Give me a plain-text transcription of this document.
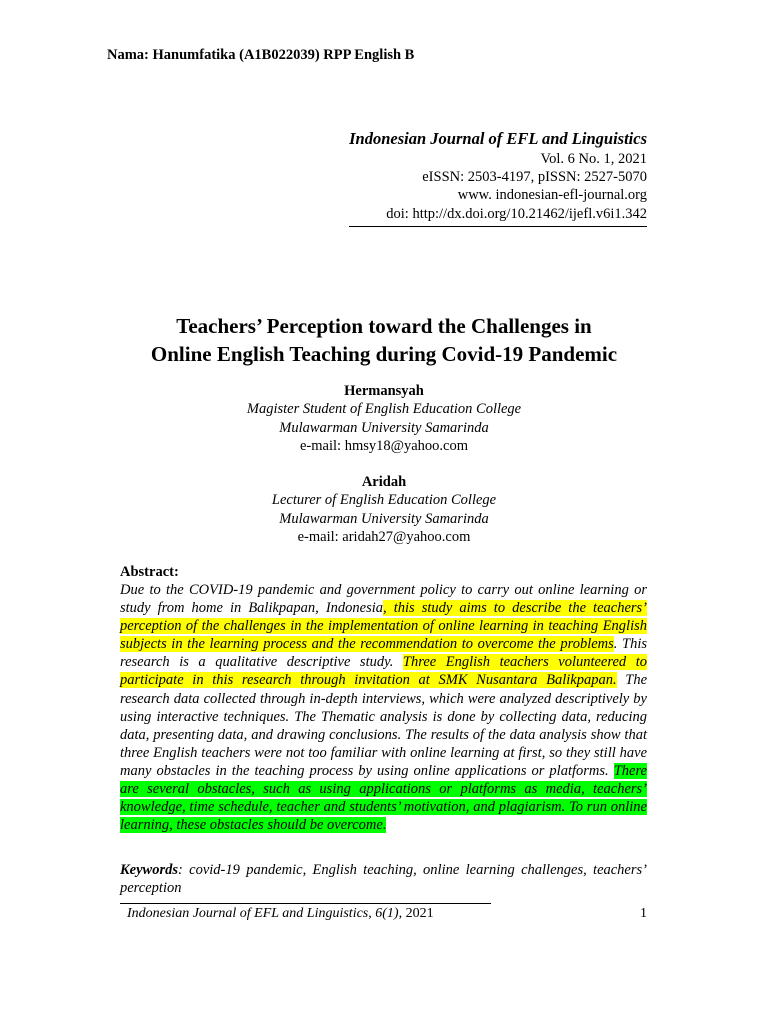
Nama: Hanumfatika (A1B022039) RPP English B
Indonesian Journal of EFL and Linguistics
Vol. 6 No. 1, 2021
eISSN: 2503-4197, pISSN: 2527-5070
www. indonesian-efl-journal.org
doi: http://dx.doi.org/10.21462/ijefl.v6i1.342
Teachers’ Perception toward the Challenges in
Online English Teaching during Covid-19 Pandemic
Hermansyah
Magister Student of English Education College
Mulawarman University Samarinda
e-mail: hmsy18@yahoo.com
Aridah
Lecturer of English Education College
Mulawarman University Samarinda
e-mail: aridah27@yahoo.com
Abstract:
Due to the COVID-19 pandemic and government policy to carry out online learning or study from home in Balikpapan, Indonesia, this study aims to describe the teachers’ perception of the challenges in the implementation of online learning in teaching English subjects in the learning process and the recommendation to overcome the problems. This research is a qualitative descriptive study. Three English teachers volunteered to participate in this research through invitation at SMK Nusantara Balikpapan. The research data collected through in-depth interviews, which were analyzed descriptively by using interactive techniques. The Thematic analysis is done by collecting data, reducing data, presenting data, and drawing conclusions. The results of the data analysis show that three English teachers were not too familiar with online learning at first, so they still have many obstacles in the teaching process by using online applications or platforms. There are several obstacles, such as using applications or platforms as media, teachers’ knowledge, time schedule, teacher and students’ motivation, and plagiarism. To run online learning, these obstacles should be overcome.
Keywords: covid-19 pandemic, English teaching, online learning challenges, teachers’ perception
Indonesian Journal of EFL and Linguistics, 6(1), 2021	1
